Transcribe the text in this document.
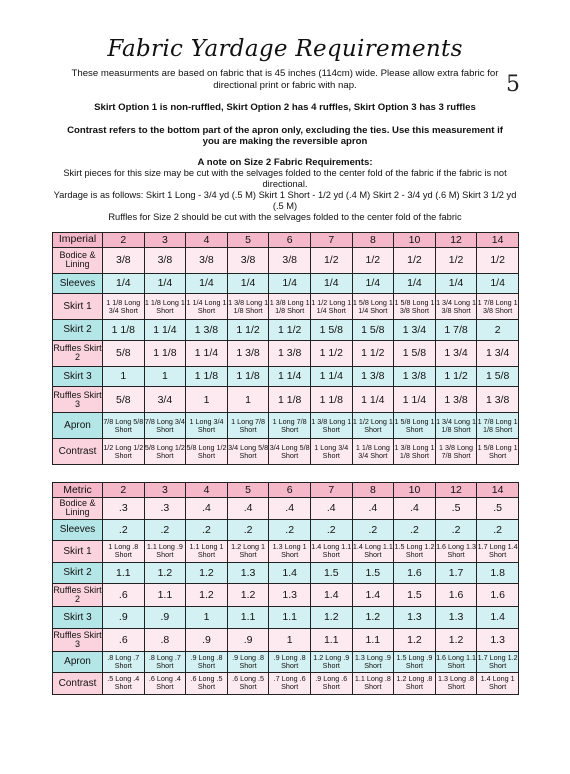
5
Fabric Yardage Requirements
These measurments are based on fabric that is 45 inches (114cm) wide. Please allow extra fabric for directional print or fabric with nap.
Skirt Option 1 is non-ruffled, Skirt Option 2 has 4 ruffles, Skirt Option 3 has 3 ruffles
Contrast refers to the bottom part of the apron only, excluding the ties. Use this measurement if you are making the reversible apron
A note on Size 2 Fabric Requirements:
Skirt pieces for this size may be cut with the selvages folded to the center fold of the fabric if the fabric is not directional.
Yardage is as follows: Skirt 1 Long - 3/4 yd (.5 M) Skirt 1 Short - 1/2 yd (.4 M) Skirt 2 - 3/4 yd (.6 M) Skirt 3 1/2 yd (.5 M)
Ruffles for Size 2 should be cut with the selvages folded to the center fold of the fabric
Imperial	2	3	4	5	6	7	8	10	12	14
Bodice & Lining	3/8	3/8	3/8	3/8	3/8	1/2	1/2	1/2	1/2	1/2
Sleeves	1/4	1/4	1/4	1/4	1/4	1/4	1/4	1/4	1/4	1/4
Skirt 1	1 1/8 Long 3/4 Short	1 1/8 Long 1 Short	1 1/4 Long 1 Short	1 3/8 Long 1 1/8 Short	1 3/8 Long 1 1/8 Short	1 1/2 Long 1 1/4 Short	1 5/8 Long 1 1/4 Short	1 5/8 Long 1 3/8 Short	1 3/4 Long 1 3/8 Short	1 7/8 Long 1 3/8 Short
Skirt 2	1 1/8	1 1/4	1 3/8	1 1/2	1 1/2	1 5/8	1 5/8	1 3/4	1 7/8	2
Ruffles Skirt 2	5/8	1 1/8	1 1/4	1 3/8	1 3/8	1 1/2	1 1/2	1 5/8	1 3/4	1 3/4
Skirt 3	1	1	1 1/8	1 1/8	1 1/4	1 1/4	1 3/8	1 3/8	1 1/2	1 5/8
Ruffles Skirt 3	5/8	3/4	1	1	1 1/8	1 1/8	1 1/4	1 1/4	1 3/8	1 3/8
Apron	7/8 Long 5/8 Short	7/8 Long 3/4 Short	1 Long 3/4 Short	1 Long 7/8 Short	1 Long 7/8 Short	1 3/8 Long 1 Short	1 1/2 Long 1 Short	1 5/8 Long 1 Short	1 3/4 Long 1 1/8 Short	1 7/8 Long 1 1/8 Short
Contrast	1/2 Long 1/2 Short	5/8 Long 1/2 Short	5/8 Long 1/2 Short	3/4 Long 5/8 Short	3/4 Long 5/8 Short	1 Long 3/4 Short	1 1/8 Long 3/4 Short	1 3/8 Long 1 1/8 Short	1 3/8 Long 7/8 Short	1 5/8 Long 1 Short
Metric	2	3	4	5	6	7	8	10	12	14
Bodice & Lining	.3	.3	.4	.4	.4	.4	.4	.4	.5	.5
Sleeves	.2	.2	.2	.2	.2	.2	.2	.2	.2	.2
Skirt 1	1 Long .8 Short	1.1 Long .9 Short	1.1 Long 1 Short	1.2 Long 1 Short	1.3 Long 1 Short	1.4 Long 1.1 Short	1.4 Long 1.1 Short	1.5 Long 1.2 Short	1.6 Long 1.3 Short	1.7 Long 1.4 Short
Skirt 2	1.1	1.2	1.2	1.3	1.4	1.5	1.5	1.6	1.7	1.8
Ruffles Skirt 2	.6	1.1	1.2	1.2	1.3	1.4	1.4	1.5	1.6	1.6
Skirt 3	.9	.9	1	1.1	1.1	1.2	1.2	1.3	1.3	1.4
Ruffles Skirt 3	.6	.8	.9	.9	1	1.1	1.1	1.2	1.2	1.3
Apron	.8 Long .7 Short	.8 Long .7 Short	.9 Long .8 Short	.9 Long .8 Short	.9 Long .8 Short	1.2 Long .9 Short	1.3 Long .9 Short	1.5 Long .9 Short	1.6 Long 1.1 Short	1.7 Long 1.2 Short
Contrast	.5 Long .4 Short	.6 Long .4 Short	.6 Long .5 Short	.6 Long .5 Short	.7 Long .6 Short	.9 Long .6 Short	1.1 Long .8 Short	1.2 Long .8 Short	1.3 Long .8 Short	1.4 Long 1 Short
